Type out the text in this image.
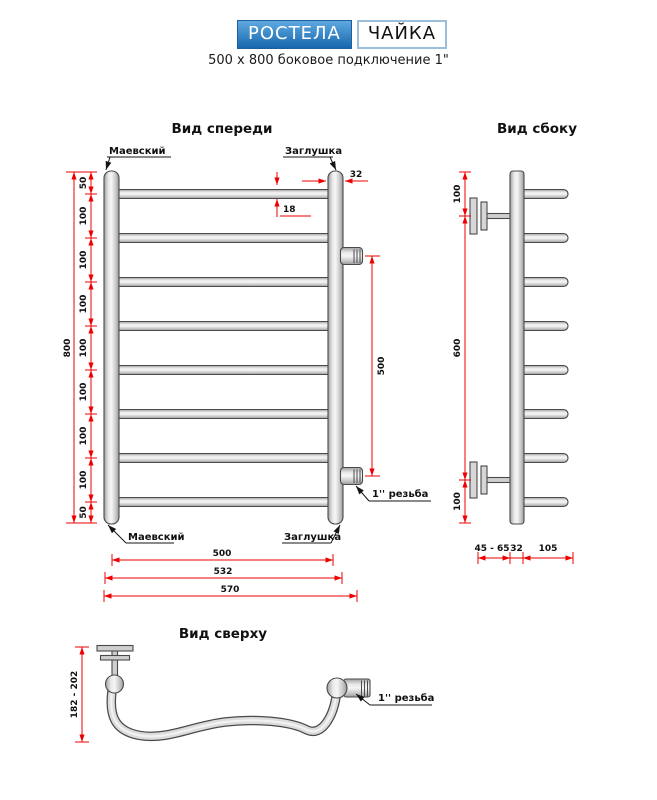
РОСТЕЛА	ЧАЙКА
500 x 800 боковое подключение 1"
Вид спереди
800
50
100
100
100
100
100
100
100
50
32
18
500
Маевский	Заглушка
Маевский	Заглушка
1'' резьба
500
532
570
Вид сбоку
100
600
100
45 - 65 32 105
Вид сверху
182 - 202	1'' резьба
